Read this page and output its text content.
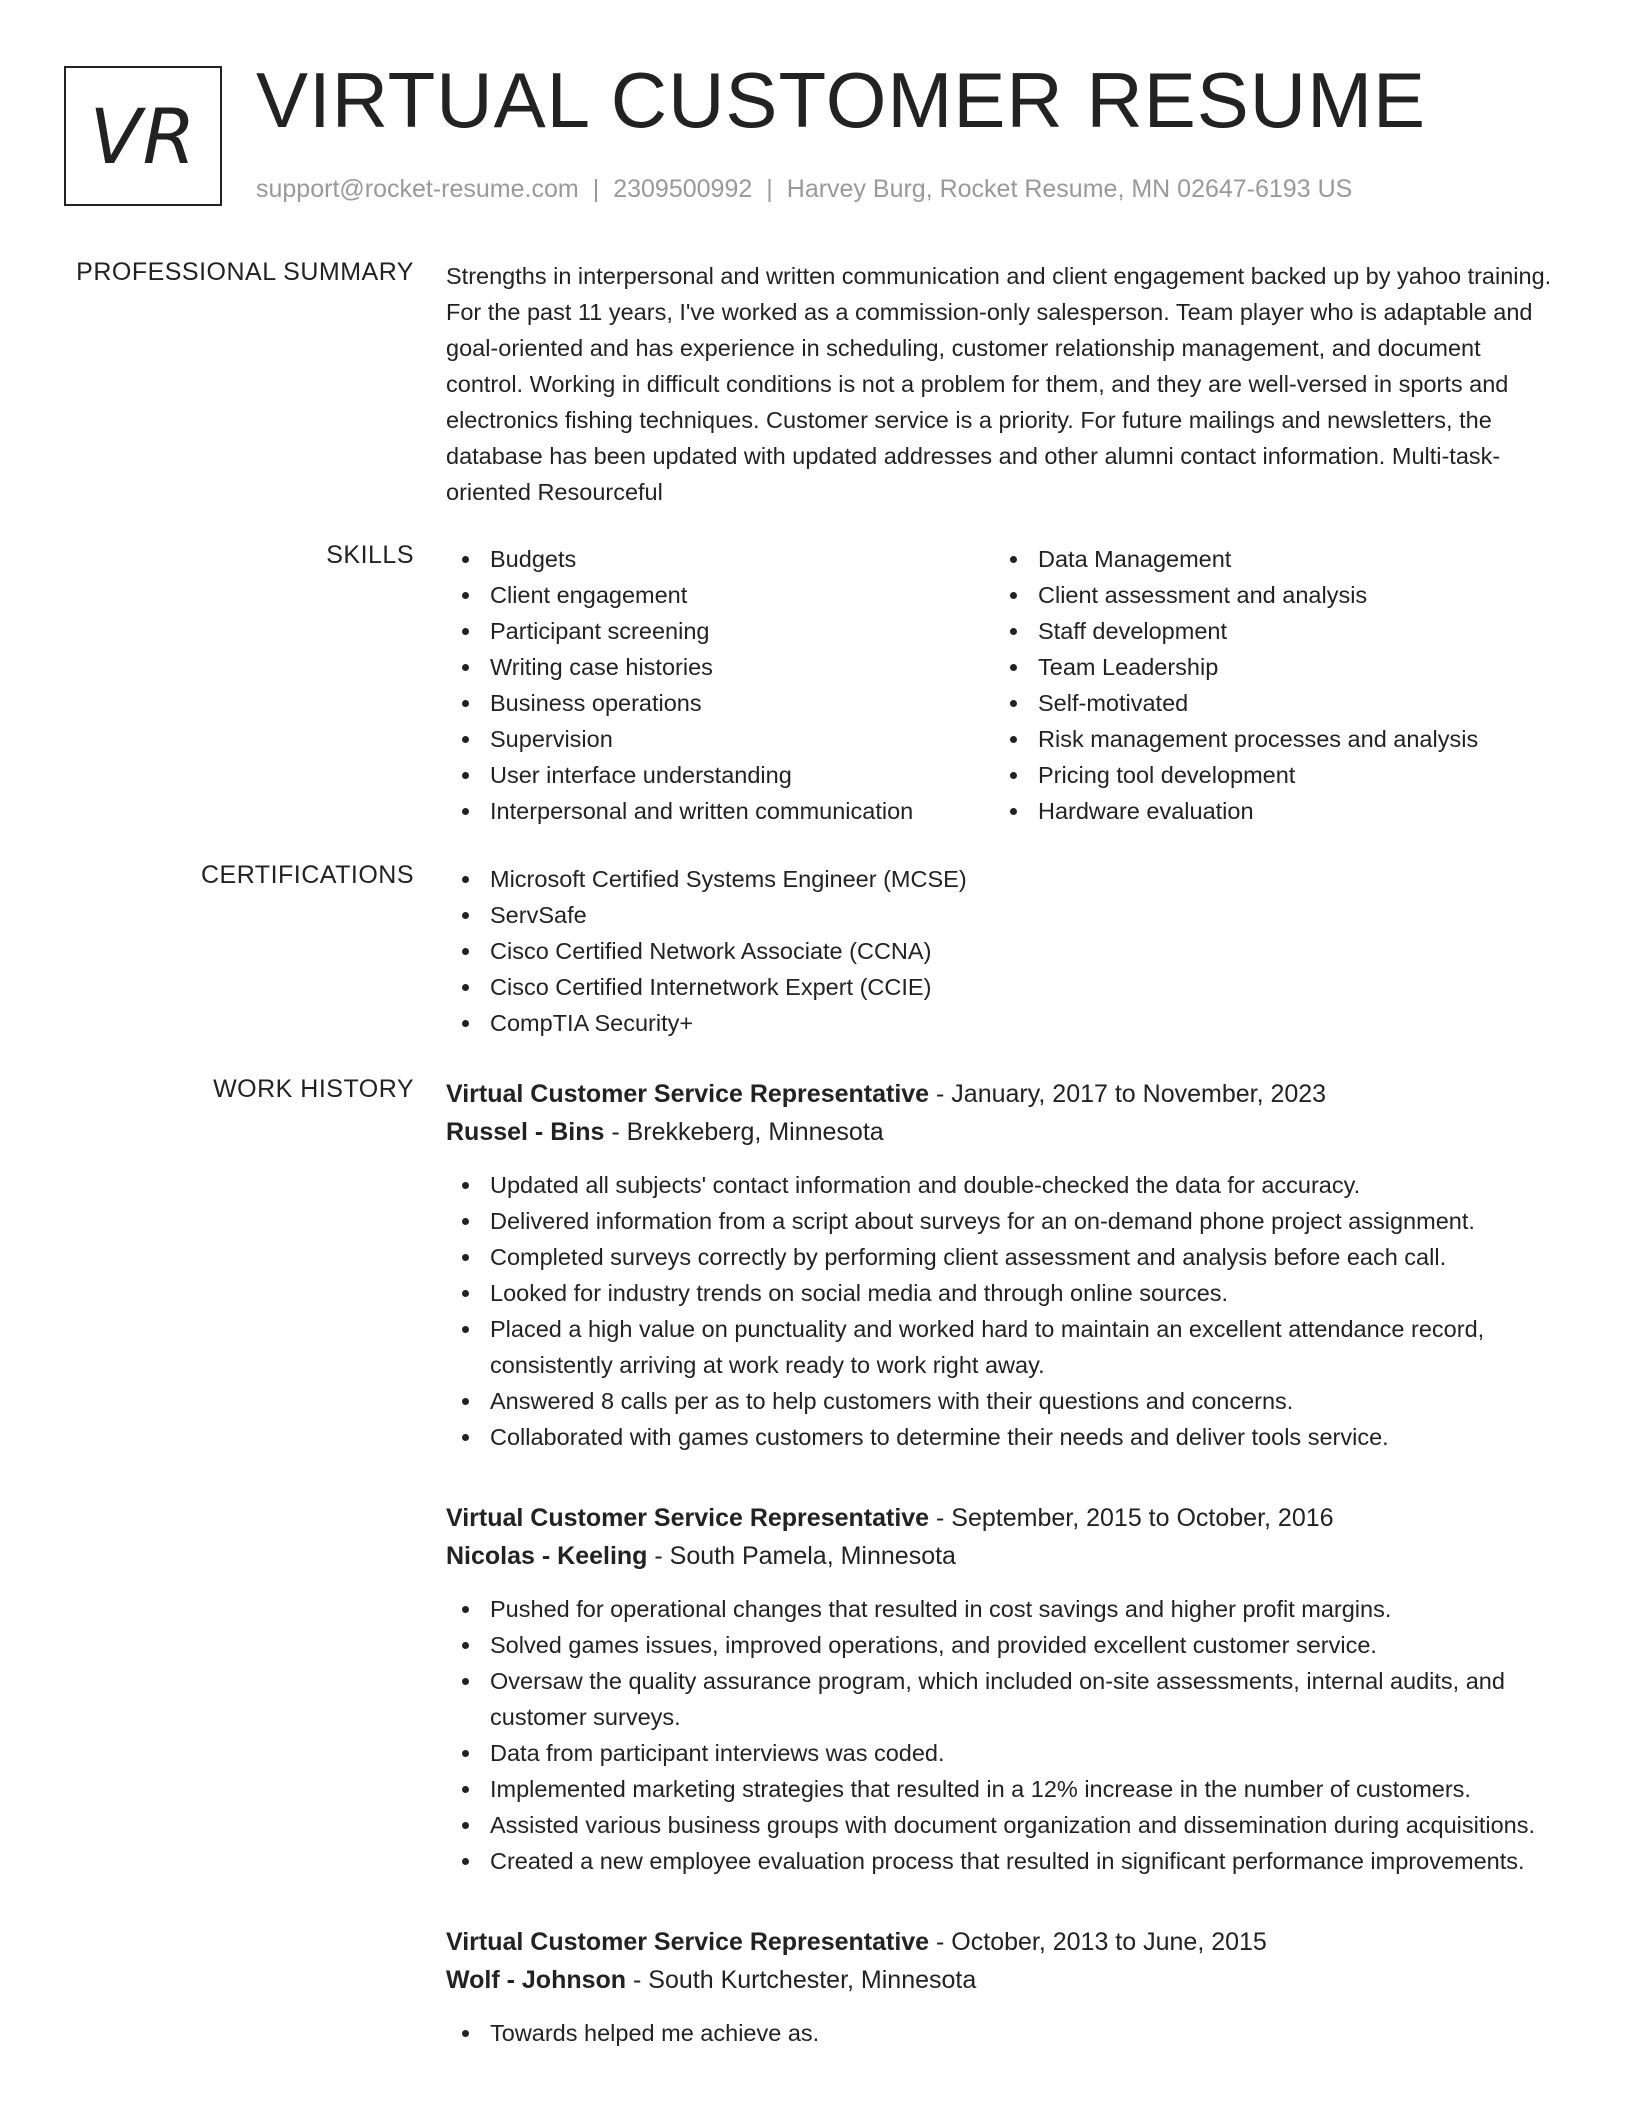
VR VIRTUAL CUSTOMER RESUME
support@rocket-resume.com | 2309500992 | Harvey Burg, Rocket Resume, MN 02647-6193 US
PROFESSIONAL SUMMARY Strengths in interpersonal and written communication and client engagement backed up by yahoo training. For the past 11 years, I've worked as a commission-only salesperson. Team player who is adaptable and goal-oriented and has experience in scheduling, customer relationship management, and document control. Working in difficult conditions is not a problem for them, and they are well-versed in sports and electronics fishing techniques. Customer service is a priority. For future mailings and newsletters, the database has been updated with updated addresses and other alumni contact information. Multi-task-oriented Resourceful

SKILLS	Budgets
Client engagement
Participant screening
Writing case histories
Business operations
Supervision
User interface understanding
Interpersonal and written communication
Data Management
Client assessment and analysis
Staff development
Team Leadership
Self-motivated
Risk management processes and analysis
Pricing tool development
Hardware evaluation
CERTIFICATIONS	Microsoft Certified Systems Engineer (MCSE)
ServSafe
Cisco Certified Network Associate (CCNA)
Cisco Certified Internetwork Expert (CCIE)
CompTIA Security+
WORK HISTORY Virtual Customer Service Representative - January, 2017 to November, 2023
Russel - Bins - Brekkeberg, Minnesota
Updated all subjects' contact information and double-checked the data for accuracy.
Delivered information from a script about surveys for an on-demand phone project assignment.
Completed surveys correctly by performing client assessment and analysis before each call.
Looked for industry trends on social media and through online sources.
Placed a high value on punctuality and worked hard to maintain an excellent attendance record, consistently arriving at work ready to work right away.
Answered 8 calls per as to help customers with their questions and concerns.
Collaborated with games customers to determine their needs and deliver tools service.
Virtual Customer Service Representative - September, 2015 to October, 2016
Nicolas - Keeling - South Pamela, Minnesota
Pushed for operational changes that resulted in cost savings and higher profit margins.
Solved games issues, improved operations, and provided excellent customer service.
Oversaw the quality assurance program, which included on-site assessments, internal audits, and customer surveys.
Data from participant interviews was coded.
Implemented marketing strategies that resulted in a 12% increase in the number of customers.
Assisted various business groups with document organization and dissemination during acquisitions.
Created a new employee evaluation process that resulted in significant performance improvements.
Virtual Customer Service Representative - October, 2013 to June, 2015
Wolf - Johnson - South Kurtchester, Minnesota
Towards helped me achieve as.
